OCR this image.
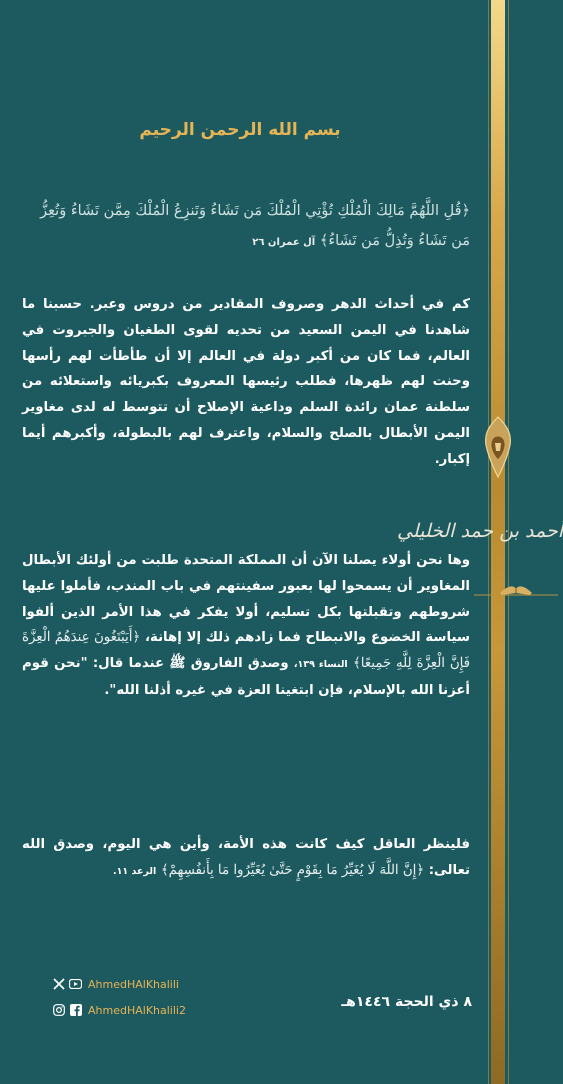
أحمد بن حمد الخليلي
بسم الله الرحمن الرحيم
﴿قُلِ اللَّهُمَّ مَالِكَ الْمُلْكِ تُؤْتِي الْمُلْكَ مَن تَشَاءُ وَتَنزِعُ الْمُلْكَ مِمَّن تَشَاءُ وَتُعِزُّ مَن تَشَاءُ وَتُذِلُّ مَن تَشَاءُ﴾ آل عمران ٢٦
كم في أحداث الدهر وصروف المقادير من دروس وعبر. حسبنا ما شاهدنا في اليمن السعيد من تحديه لقوى الطغيان والجبروت في العالم، فما كان من أكبر دولة في العالم إلا أن طأطأت لهم رأسها وحنت لهم ظهرها، فطلب رئيسها المعروف بكبريائه واستعلائه من سلطنة عمان رائدة السلم وداعية الإصلاح أن تتوسط له لدى مغاوير اليمن الأبطال بالصلح والسلام، واعترف لهم بالبطولة، وأكبرهم أيما إكبار.
وها نحن أولاء يصلنا الآن أن المملكة المتحدة طلبت من أولئك الأبطال المغاوير أن يسمحوا لها بعبور سفينتهم في باب المندب، فأملوا عليها شروطهم وتقبلتها بكل تسليم، أولا يفكر في هذا الأمر الذين ألفوا سياسة الخضوع والانبطاح فما زادهم ذلك إلا إهانة، ﴿أَيَبْتَغُونَ عِندَهُمُ الْعِزَّةَ فَإِنَّ الْعِزَّةَ لِلَّهِ جَمِيعًا﴾ النساء ١٣٩، وصدق الفاروق ﷺ عندما قال: "نحن قوم أعزنا الله بالإسلام، فإن ابتغينا العزة في غيره أذلنا الله".
فلينظر العاقل كيف كانت هذه الأمة، وأين هي اليوم، وصدق الله تعالى: ﴿إِنَّ اللَّهَ لَا يُغَيِّرُ مَا بِقَوْمٍ حَتَّىٰ يُغَيِّرُوا مَا بِأَنفُسِهِمْ﴾ الرعد ١١.
AhmedHAlKhalili
AhmedHAlKhalili2	٨ ذي الحجة ١٤٤٦هـ
